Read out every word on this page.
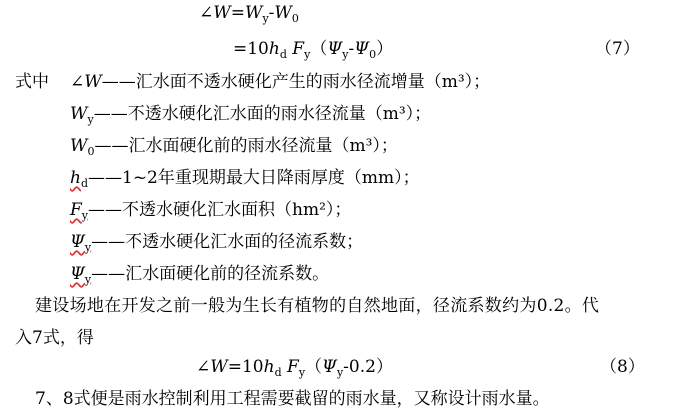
$\angle W=W_y-W_0$
$=10h_d$ $F_y(\Psi_y-\Psi_0)$	（7）
式中 ∠W——汇水面不透水硬化产生的雨水径流增量（m³）；
$W_y——$不透水硬化汇水面的雨水径流量（m³）；
$W_0——$汇水面硬化前的雨水径流量（m³）；
$h_d——1\sim 2$年重现期最大日降雨厚度（mm）；
$F_y——$不透水硬化汇水面积（hm²）；
$\Psi_y——$不透水硬化汇水面的径流系数；
$\Psi_y——$汇水面硬化前的径流系数。
建设场地在开发之前一般为生长有植物的自然地面，径流系数约为0.2。代
入7式，得
$\angle W=10h_d$ $F_y(\Psi_y-0.2)$	（8）
7、8式便是雨水控制利用工程需要截留的雨水量，又称设计雨水量。
